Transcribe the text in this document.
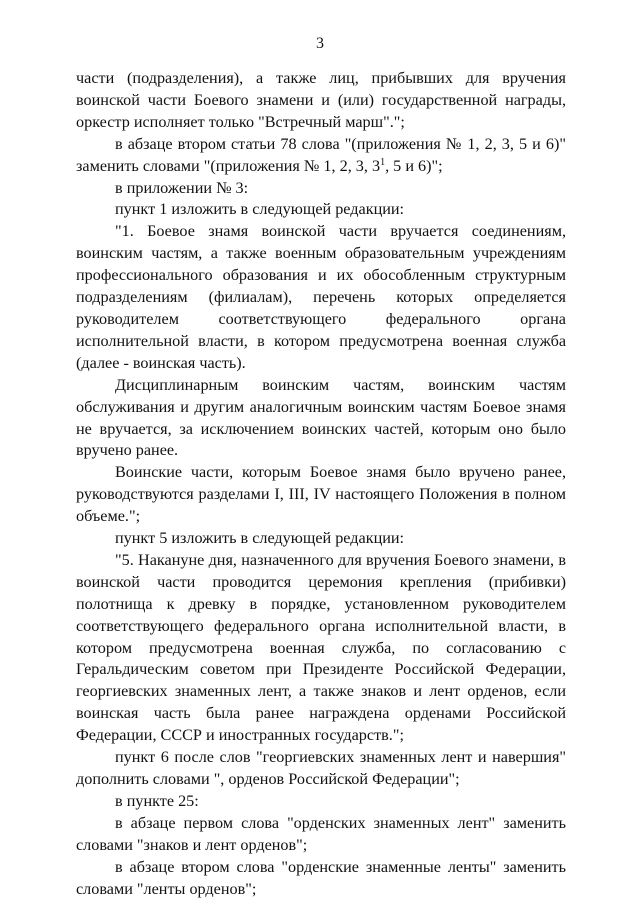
3

части (подразделения), а также лиц, прибывших для вручения воинской части Боевого знамени и (или) государственной награды, оркестр исполняет только "Встречный марш".";

в абзаце втором статьи 78 слова "(приложения № 1, 2, 3, 5 и 6)" заменить словами "(приложения № 1, 2, 3, $3^1$, 5 и 6)";

в приложении № 3:

пункт 1 изложить в следующей редакции:

"1. Боевое знамя воинской части вручается соединениям, воинским частям, а также военным образовательным учреждениям профессионального образования и их обособленным структурным подразделениям (филиалам), перечень которых определяется руководителем соответствующего федерального органа исполнительной власти, в котором предусмотрена военная служба (далее - воинская часть).

Дисциплинарным воинским частям, воинским частям обслуживания и другим аналогичным воинским частям Боевое знамя не вручается, за исключением воинских частей, которым оно было вручено ранее.

Воинские части, которым Боевое знамя было вручено ранее, руководствуются разделами I, III, IV настоящего Положения в полном объеме.";

пункт 5 изложить в следующей редакции:

"5. Накануне дня, назначенного для вручения Боевого знамени, в воинской части проводится церемония крепления (прибивки) полотнища к древку в порядке, установленном руководителем соответствующего федерального органа исполнительной власти, в котором предусмотрена военная служба, по согласованию с Геральдическим советом при Президенте Российской Федерации, георгиевских знаменных лент, а также знаков и лент орденов, если воинская часть была ранее награждена орденами Российской Федерации, СССР и иностранных государств.";

пункт 6 после слов "георгиевских знаменных лент и навершия" дополнить словами ", орденов Российской Федерации";

в пункте 25:

в абзаце первом слова "орденских знаменных лент" заменить словами "знаков и лент орденов";

в абзаце втором слова "орденские знаменные ленты" заменить словами "ленты орденов";
